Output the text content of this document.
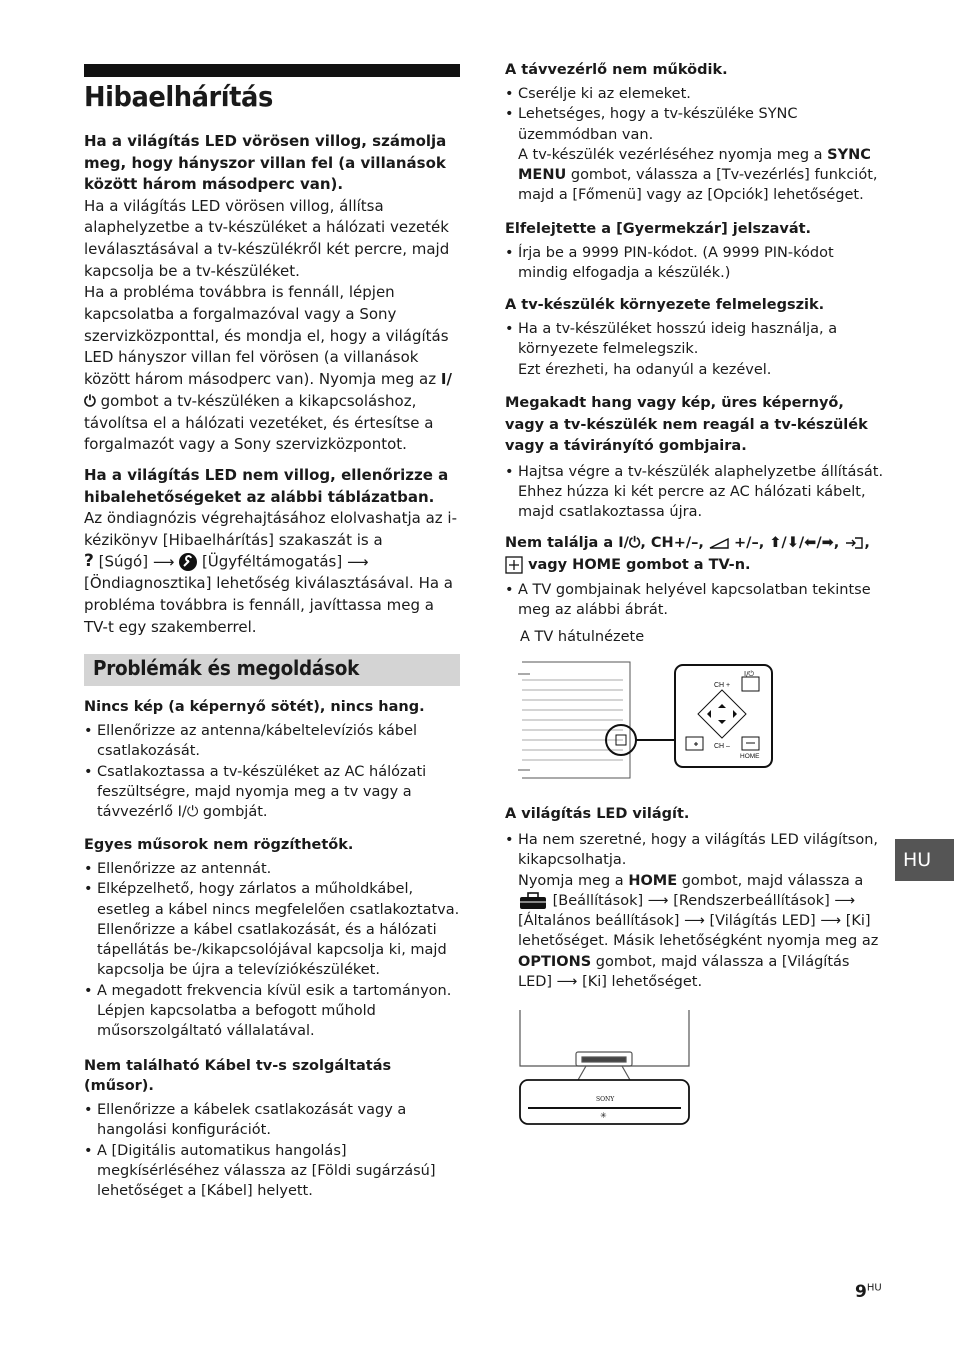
Hibaelhárítás

Ha a világítás LED vörösen villog, számolja meg, hogy hányszor villan fel (a villanások között három másodperc van).

Ha a világítás LED vörösen villog, állítsa alaphelyzetbe a tv-készüléket a hálózati vezeték leválasztásával a tv-készülékről két percre, majd kapcsolja be a tv-készüléket.

Ha a probléma továbbra is fennáll, lépjen kapcsolatba a forgalmazóval vagy a Sony szervizközponttal, és mondja el, hogy a világítás LED hányszor villan fel vörösen (a villanások között három másodperc van). Nyomja meg az I/⏻ gombot a tv-készüléken a kikapcsoláshoz, távolítsa el a hálózati vezetéket, és értesítse a forgalmazót vagy a Sony szervizközpontot.

Ha a világítás LED nem villog, ellenőrizze a hibalehetőségeket az alábbi táblázatban.

Az öndiagnózis végrehajtásához elolvashatja az i-kézikönyv [Hibaelhárítás] szakaszát is a
? [Súgó] ⟶ [Ügyféltámogatás] ⟶

[Öndiagnosztika] lehetőség kiválasztásával. Ha a probléma továbbra is fennáll, javíttassa meg a TV-t egy szakemberrel.

Problémák és megoldások

Nincs kép (a képernyő sötét), nincs hang.

• Ellenőrizze az antenna/kábeltelevíziós kábel csatlakozását.
• Csatlakoztassa a tv-készüléket az AC hálózati feszültségre, majd nyomja meg a tv vagy a távvezérlő I/⏻ gombját.

Egyes műsorok nem rögzíthetők.

• Ellenőrizze az antennát.
• Elképzelhető, hogy zárlatos a műholdkábel, esetleg a kábel nincs megfelelően csatlakoztatva.
Ellenőrizze a kábel csatlakozását, és a hálózati tápellátás be-/kikapcsolójával kapcsolja ki, majd kapcsolja be újra a televíziókészüléket.
• A megadott frekvencia kívül esik a tartományon. Lépjen kapcsolatba a befogott műhold műsorszolgáltató vállalatával.

Nem található Kábel tv-s szolgáltatás (műsor).

• Ellenőrizze a kábelek csatlakozását vagy a hangolási konfigurációt.
• A [Digitális automatikus hangolás] megkísérléséhez válassza az [Földi sugárzású] lehetőséget a [Kábel] helyett.

A távvezérlő nem működik.

• Cserélje ki az elemeket.
• Lehetséges, hogy a tv-készüléke SYNC üzemmódban van.
A tv-készülék vezérléséhez nyomja meg a SYNC MENU gombot, válassza a [Tv-vezérlés] funkciót, majd a [Főmenü] vagy az [Opciók] lehetőséget.

Elfelejtette a [Gyermekzár] jelszavát.

• Írja be a 9999 PIN-kódot. (A 9999 PIN-kódot mindig elfogadja a készülék.)

A tv-készülék környezete felmelegszik.

• Ha a tv-készüléket hosszú ideig használja, a környezete felmelegszik.
Ezt érezheti, ha odanyúl a kezével.

Megakadt hang vagy kép, üres képernyő, vagy a tv-készülék nem reagál a tv-készülék vagy a távirányító gombjaira.

• Hajtsa végre a tv-készülék alaphelyzetbe állítását.
Ehhez húzza ki két percre az AC hálózati kábelt, majd csatlakoztassa újra.

Nem találja a I/⏻, CH+/–, +/–, ⬆/⬇/⬅/➡, ,
vagy HOME gombot a TV-n.

• A TV gombjainak helyével kapcsolatban tekintse meg az alábbi ábrát.
A TV hátulnézete
CH +
CH –
HOME
I/⏻

A világítás LED világít.

• Ha nem szeretné, hogy a világítás LED világítson, kikapcsolhatja.
Nyomja meg a HOME gombot, majd válassza a
[Beállítások] ⟶ [Rendszerbeállítások] ⟶ [Általános beállítások] ⟶ [Világítás LED] ⟶ [Ki] lehetőséget. Másik lehetőségként nyomja meg az OPTIONS gombot, majd válassza a [Világítás LED] ⟶ [Ki] lehetőséget.
SONY
✳
HU
$9^{HU}$
